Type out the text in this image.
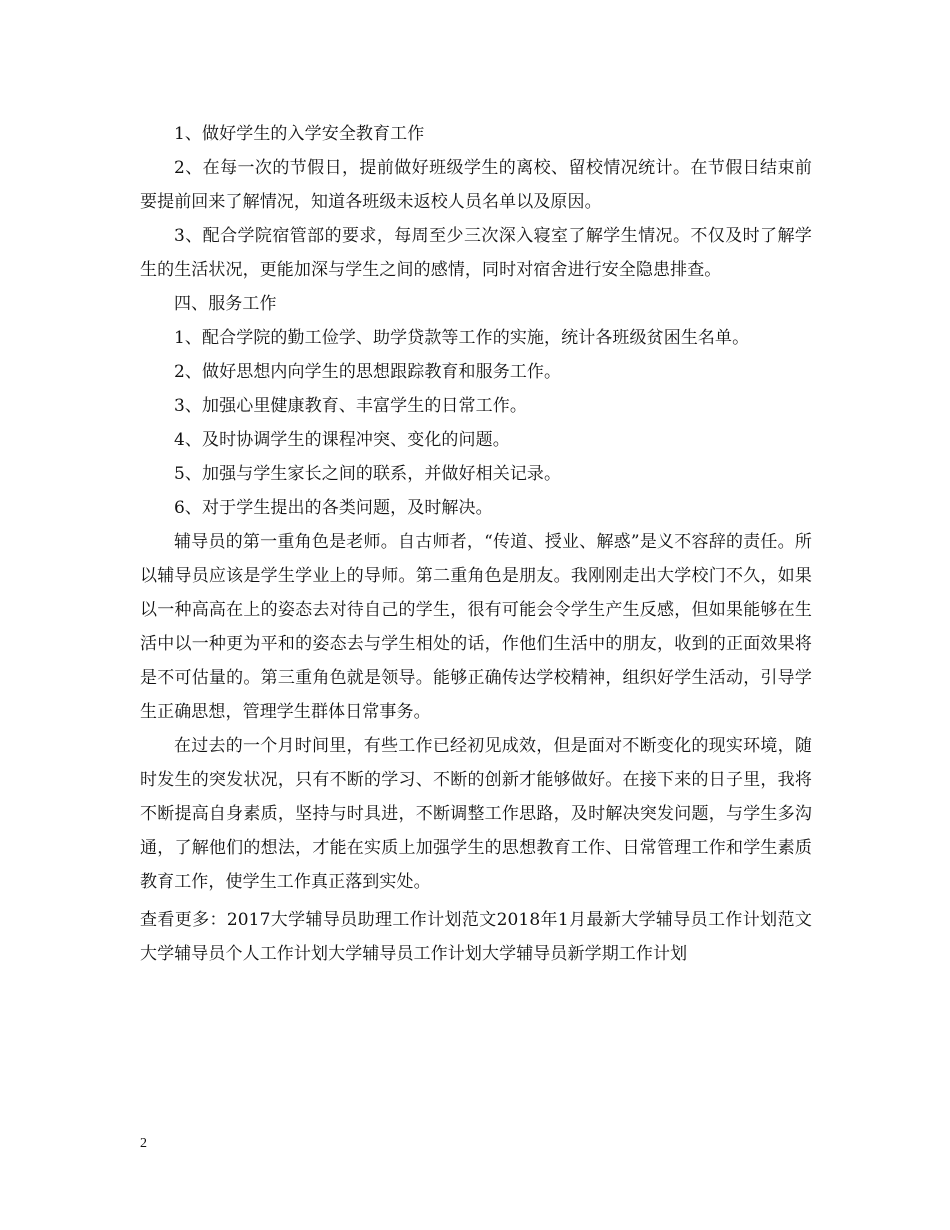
1、做好学生的入学安全教育工作

2、在每一次的节假日，提前做好班级学生的离校、留校情况统计。在节假日结束前要提前回来了解情况，知道各班级未返校人员名单以及原因。

3、配合学院宿管部的要求，每周至少三次深入寝室了解学生情况。不仅及时了解学生的生活状况，更能加深与学生之间的感情，同时对宿舍进行安全隐患排查。

四、服务工作

1、配合学院的勤工俭学、助学贷款等工作的实施，统计各班级贫困生名单。

2、做好思想内向学生的思想跟踪教育和服务工作。

3、加强心里健康教育、丰富学生的日常工作。

4、及时协调学生的课程冲突、变化的问题。

5、加强与学生家长之间的联系，并做好相关记录。

6、对于学生提出的各类问题，及时解决。

辅导员的第一重角色是老师。自古师者，“传道、授业、解惑”是义不容辞的责任。所以辅导员应该是学生学业上的导师。第二重角色是朋友。我刚刚走出大学校门不久，如果以一种高高在上的姿态去对待自己的学生，很有可能会令学生产生反感，但如果能够在生活中以一种更为平和的姿态去与学生相处的话，作他们生活中的朋友，收到的正面效果将是不可估量的。第三重角色就是领导。能够正确传达学校精神，组织好学生活动，引导学生正确思想，管理学生群体日常事务。

在过去的一个月时间里，有些工作已经初见成效，但是面对不断变化的现实环境，随时发生的突发状况，只有不断的学习、不断的创新才能够做好。在接下来的日子里，我将不断提高自身素质，坚持与时具进，不断调整工作思路，及时解决突发问题，与学生多沟通，了解他们的想法，才能在实质上加强学生的思想教育工作、日常管理工作和学生素质教育工作，使学生工作真正落到实处。

查看更多：2017大学辅导员助理工作计划范文2018年1月最新大学辅导员工作计划范文大学辅导员个人工作计划大学辅导员工作计划大学辅导员新学期工作计划

2
